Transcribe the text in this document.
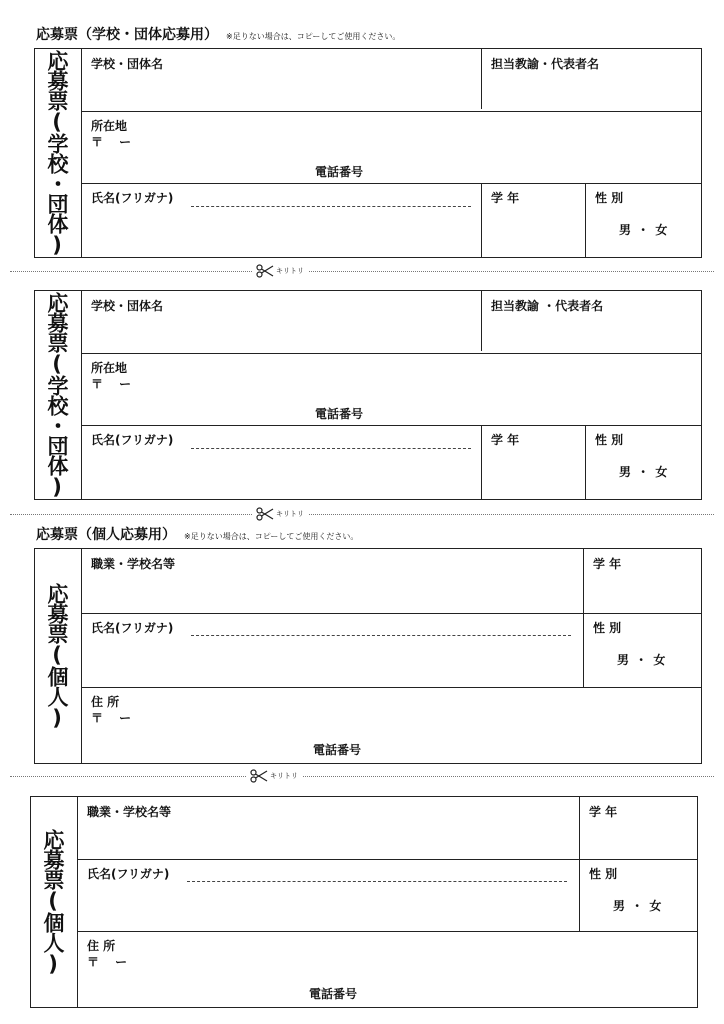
応募票（学校・団体応募用） ※足りない場合は、コピーしてご使用ください。
応募票(学校・団体)	学校・団体名	担当教諭・代表者名
所在地
〒　 ー
電話番号
氏名(フリガナ)	学 年	性 別
男 ・ 女
キリトリ
応募票(学校・団体)	学校・団体名	担当教諭 ・代表者名
所在地
〒　 ー
電話番号
氏名(フリガナ)	学 年	性 別
男 ・ 女
キリトリ
応募票（個人応募用） ※足りない場合は、コピーしてご使用ください。
応募票(個人)
職業・学校名等	学 年
氏名(フリガナ)	性 別
男 ・ 女
住 所
〒　 ー
電話番号
キリトリ
応募票(個人)
職業・学校名等	学 年
氏名(フリガナ)	性 別
男 ・ 女
住 所
〒　 ー
電話番号
